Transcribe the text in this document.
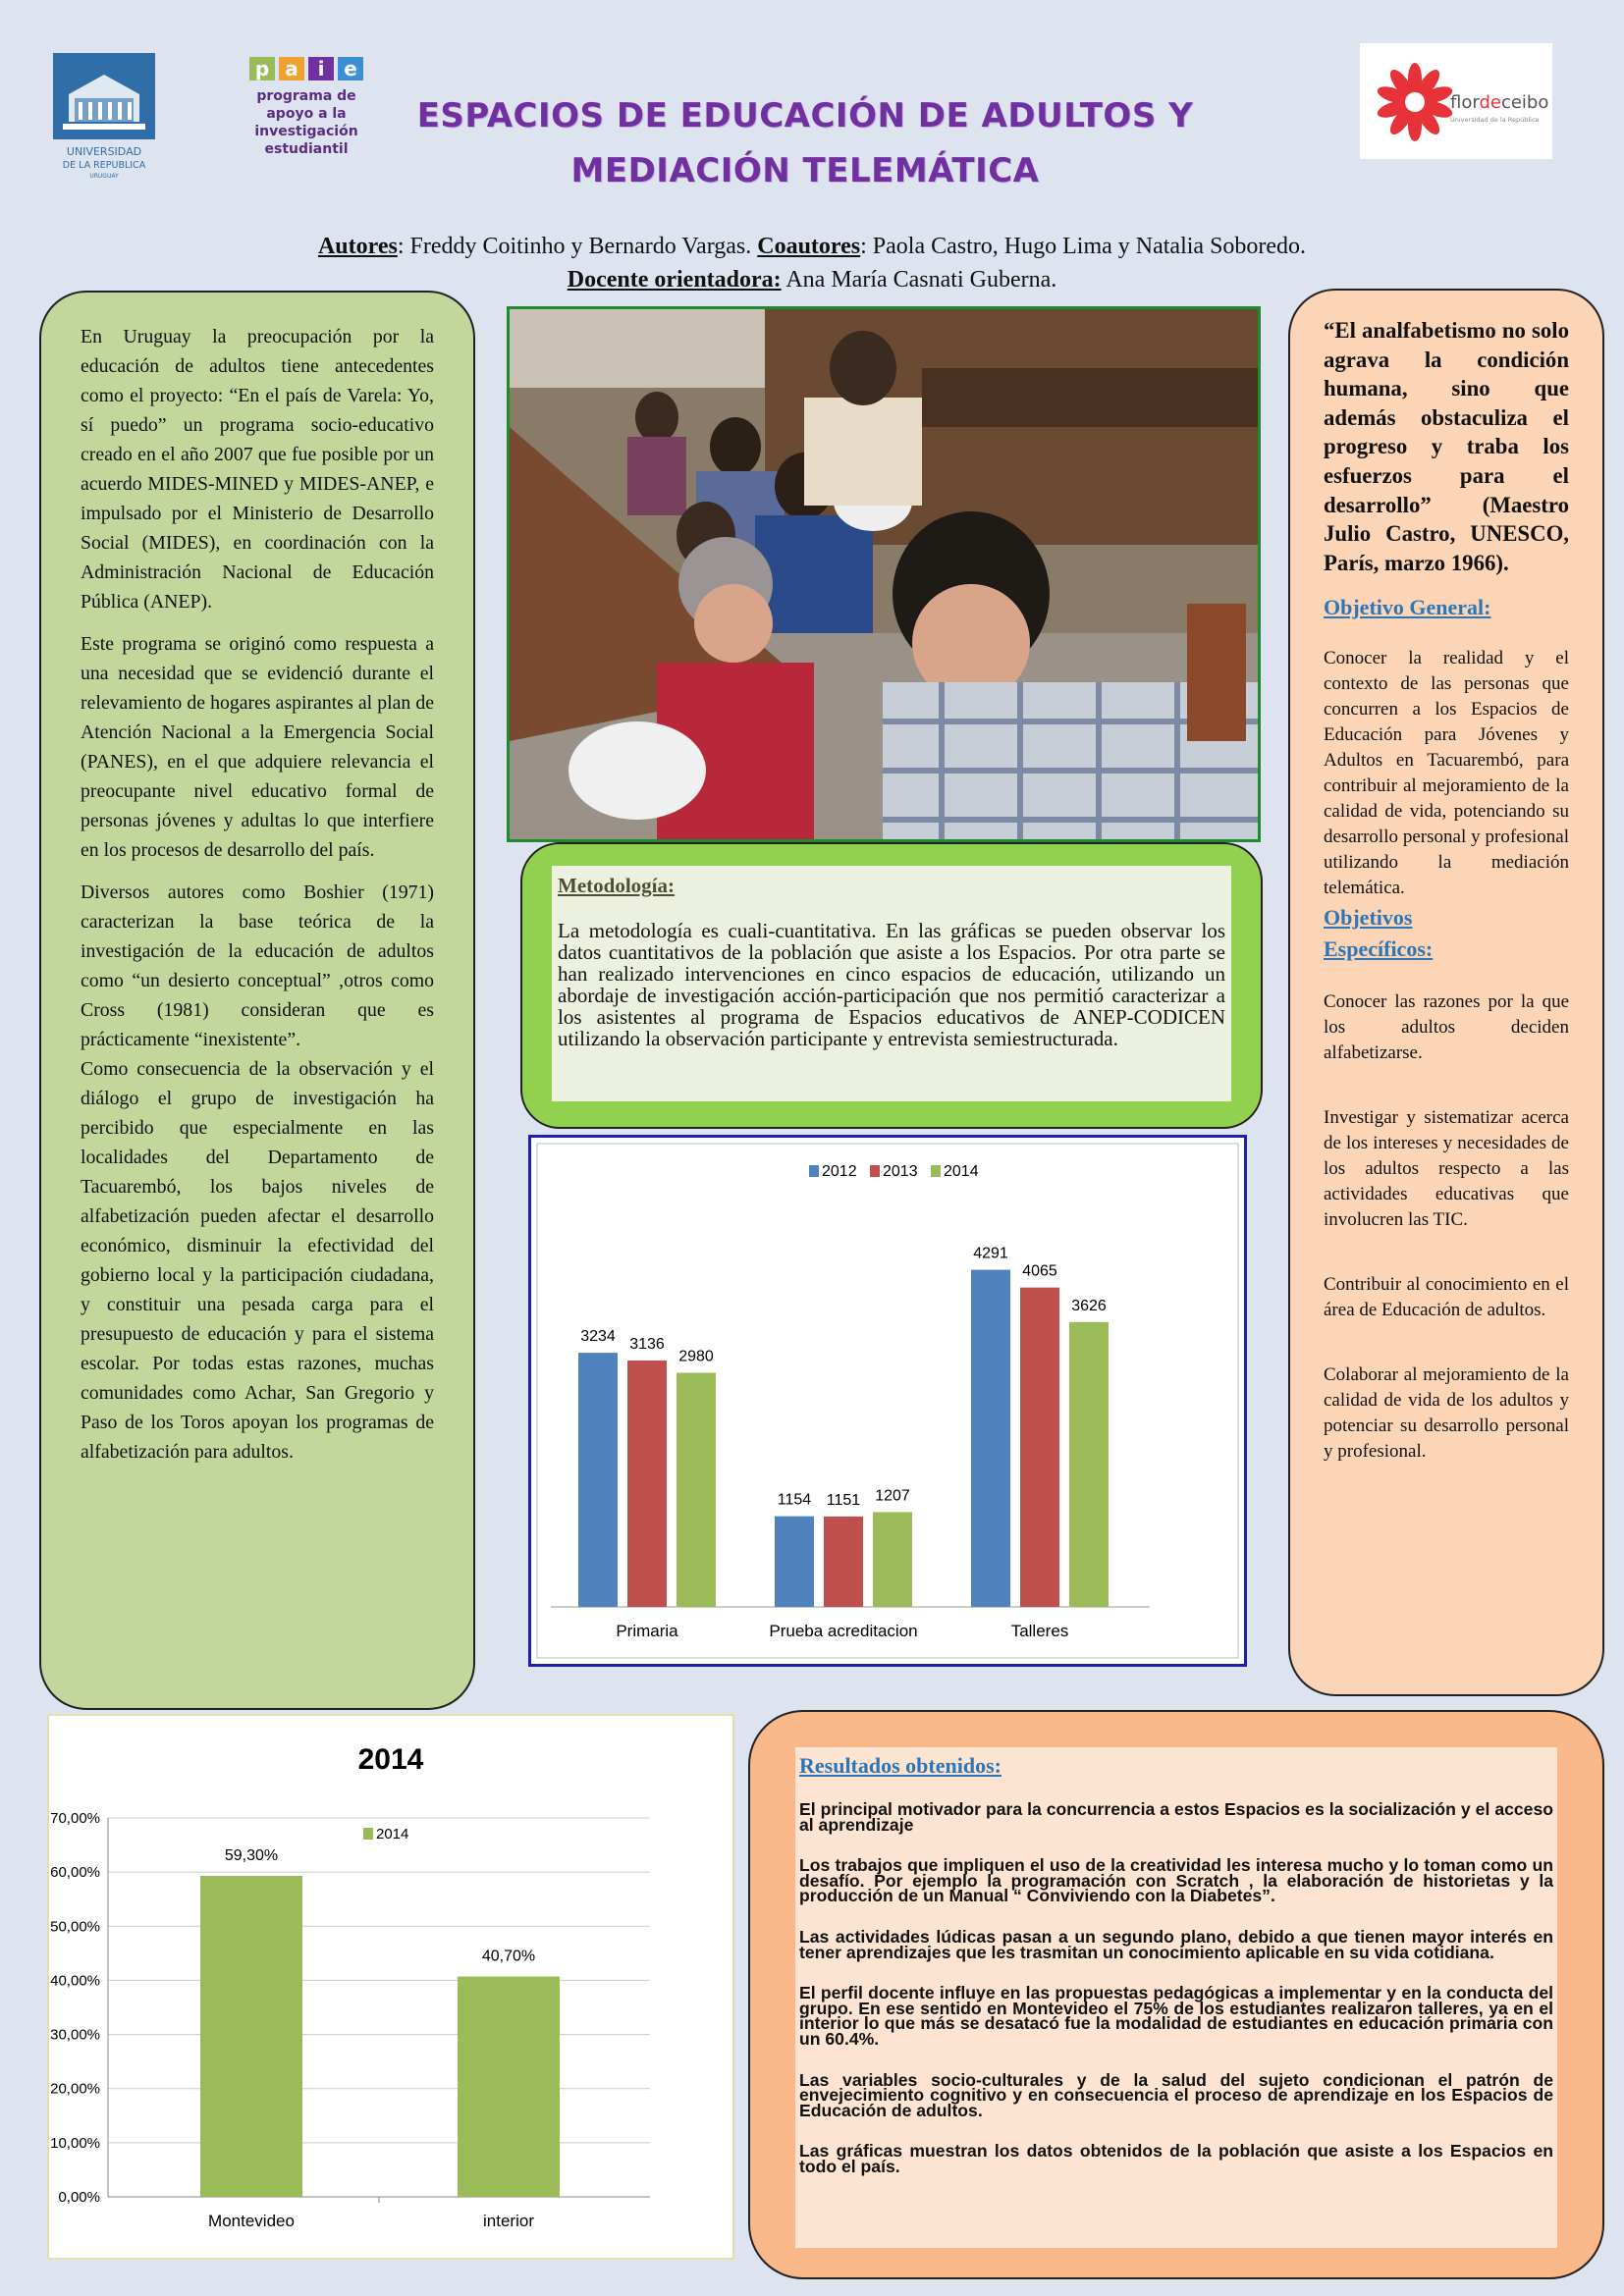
UNIVERSIDAD
DE LA REPUBLICA
URUGUAY
p a i e
programa de
apoyo a la
investigación
estudiantil
flordeceibo
Universidad de la República
ESPACIOS DE EDUCACIÓN DE ADULTOS Y
MEDIACIÓN TELEMÁTICA
Autores: Freddy Coitinho y Bernardo Vargas. Coautores: Paola Castro, Hugo Lima y Natalia Soboredo.
Docente orientadora: Ana María Casnati Guberna.

En Uruguay la preocupación por la educación de adultos tiene antecedentes como el proyecto: “En el país de Varela: Yo, sí puedo” un programa socio-educativo creado en el año 2007 que fue posible por un acuerdo MIDES-MINED y MIDES-ANEP, e impulsado por el Ministerio de Desarrollo Social (MIDES), en coordinación con la Administración Nacional de Educación Pública (ANEP).

Este programa se originó como respuesta a una necesidad que se evidenció durante el relevamiento de hogares aspirantes al plan de Atención Nacional a la Emergencia Social (PANES), en el que adquiere relevancia el preocupante nivel educativo formal de personas jóvenes y adultas lo que interfiere en los procesos de desarrollo del país.

Diversos autores como Boshier (1971) caracterizan la base teórica de la investigación de la educación de adultos como “un desierto conceptual” ,otros como Cross (1981) consideran que es prácticamente “inexistente”.

Como consecuencia de la observación y el diálogo el grupo de investigación ha percibido que especialmente en las localidades del Departamento de Tacuarembó, los bajos niveles de alfabetización pueden afectar el desarrollo económico, disminuir la efectividad del gobierno local y la participación ciudadana, y constituir una pesada carga para el presupuesto de educación y para el sistema escolar. Por todas estas razones, muchas comunidades como Achar, San Gregorio y Paso de los Toros apoyan los programas de alfabetización para adultos.

Metodología:
La metodología es cuali-cuantitativa. En las gráficas se pueden observar los datos cuantitativos de la población que asiste a los Espacios. Por otra parte se han realizado intervenciones en cinco espacios de educación, utilizando un abordaje de investigación acción-participación que nos permitió caracterizar a los asistentes al programa de Espacios educativos de ANEP-CODICEN utilizando la observación participante y entrevista semiestructurada.
2012 2013 2014
3234 3136
2980
Primaria
1154 1151 1207
Prueba acreditacion
4291
4065
3626
Talleres
“El analfabetismo no solo agrava la condición humana, sino que además obstaculiza el progreso y traba los esfuerzos para el desarrollo” (Maestro Julio Castro, UNESCO, París, marzo 1966).
Objetivo General:
Conocer la realidad y el contexto de las personas que concurren a los Espacios de Educación para Jóvenes y Adultos en Tacuarembó, para contribuir al mejoramiento de la calidad de vida, potenciando su desarrollo personal y profesional utilizando la mediación telemática.
Objetivos
Específicos:
Conocer las razones por la que los adultos deciden alfabetizarse.
Investigar y sistematizar acerca de los intereses y necesidades de los adultos respecto a las actividades educativas que involucren las TIC.
Contribuir al conocimiento en el área de Educación de adultos.
Colaborar al mejoramiento de la calidad de vida de los adultos y potenciar su desarrollo personal y profesional.
2014
0,00%
10,00%
20,00%
30,00%
40,00%
50,00%
60,00%
70,00%
2014
59,30%
Montevideo
40,70%
interior
Resultados obtenidos:
El principal motivador para la concurrencia a estos Espacios es la socialización y el acceso al aprendizaje
Los trabajos que impliquen el uso de la creatividad les interesa mucho y lo toman como un desafío. Por ejemplo la programación con Scratch , la elaboración de historietas y la producción de un Manual “ Conviviendo con la Diabetes”.
Las actividades lúdicas pasan a un segundo plano, debido a que tienen mayor interés en tener aprendizajes que les trasmitan un conocimiento aplicable en su vida cotidiana.
El perfil docente influye en las propuestas pedagógicas a implementar y en la conducta del grupo. En ese sentido en Montevideo el 75% de los estudiantes realizaron talleres, ya en el interior lo que más se desatacó fue la modalidad de estudiantes en educación primaria con un 60.4%.
Las variables socio-culturales y de la salud del sujeto condicionan el patrón de envejecimiento cognitivo y en consecuencia el proceso de aprendizaje en los Espacios de Educación de adultos.
Las gráficas muestran los datos obtenidos de la población que asiste a los Espacios en todo el país.
